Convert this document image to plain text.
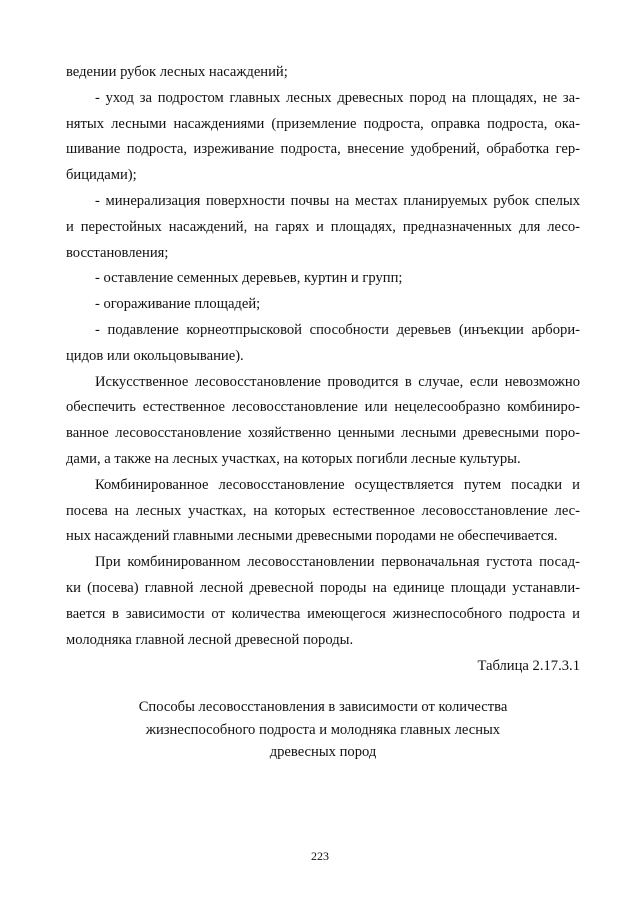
ведении рубок лесных насаждений;
- уход за подростом главных лесных древесных пород на площадях, не за-
нятых лесными насаждениями (приземление подроста, оправка подроста, ока-
шивание подроста, изреживание подроста, внесение удобрений, обработка гер-
бицидами);
- минерализация поверхности почвы на местах планируемых рубок спелых
и перестойных насаждений, на гарях и площадях, предназначенных для лесо-
восстановления;
- оставление семенных деревьев, куртин и групп;
- огораживание площадей;
- подавление корнеотпрысковой способности деревьев (инъекции арбори-
цидов или окольцовывание).
Искусственное лесовосстановление проводится в случае, если невозможно
обеспечить естественное лесовосстановление или нецелесообразно комбиниро-
ванное лесовосстановление хозяйственно ценными лесными древесными поро-
дами, а также на лесных участках, на которых погибли лесные культуры.
Комбинированное лесовосстановление осуществляется путем посадки и
посева на лесных участках, на которых естественное лесовосстановление лес-
ных насаждений главными лесными древесными породами не обеспечивается.
При комбинированном лесовосстановлении первоначальная густота посад-
ки (посева) главной лесной древесной породы на единице площади устанавли-
вается в зависимости от количества имеющегося жизнеспособного подроста и
молодняка главной лесной древесной породы.
Таблица 2.17.3.1
Способы лесовосстановления в зависимости от количества
жизнеспособного подроста и молодняка главных лесных
древесных пород
223
